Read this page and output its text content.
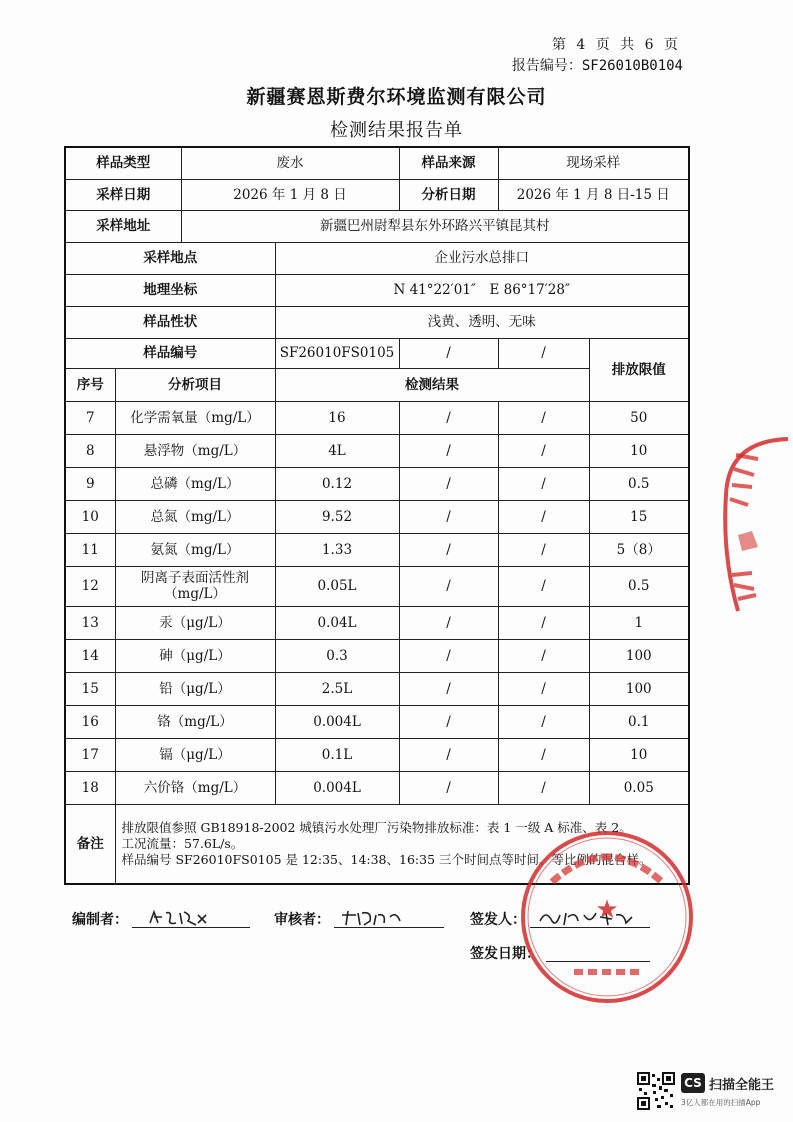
第 4 页 共 6 页
报告编号：SF26010B0104
新疆赛恩斯费尔环境监测有限公司
检测结果报告单
样品类型		废水		样品来源	现场采样	
采样日期		2026 年 1 月 8 日		分析日期	2026 年 1 月 8 日-15 日	
采样地址		新疆巴州尉犁县东外环路兴平镇昆其村				
采样地点			企业污水总排口			
地理坐标			N 41°22′01″　E 86°17′28″			
样品性状			浅黄、透明、无味			
样品编号			SF26010FS0105	/	/	排放限值
序号	分析项目		检测结果			
7	化学需氧量（mg/L）		16	/	/	50
8	悬浮物（mg/L）		4L	/	/	10
9	总磷（mg/L）		0.12	/	/	0.5
10	总氮（mg/L）		9.52	/	/	15
11	氨氮（mg/L）		1.33	/	/	5（8）
12	阴离子表面活性剂（mg/L）		0.05L	/	/	0.5
13	汞（μg/L）		0.04L	/	/	1
14	砷（μg/L）		0.3	/	/	100
15	铅（μg/L）		2.5L	/	/	100
16	铬（mg/L）		0.004L	/	/	0.1
17	镉（μg/L）		0.1L	/	/	10
18	六价铬（mg/L）		0.004L	/	/	0.05
备注	排放限值参照 GB18918-2002 城镇污水处理厂污染物排放标准：表 1 一级 A 标准、表 2。
工况流量：57.6L/s。
样品编号 SF26010FS0105 是 12:35、14:38、16:35 三个时间点等时间、等比例的混合样。					
编制者：	审核者：	签发人：
签发日期：
★
CS 扫描全能王
3亿人都在用的扫描App
